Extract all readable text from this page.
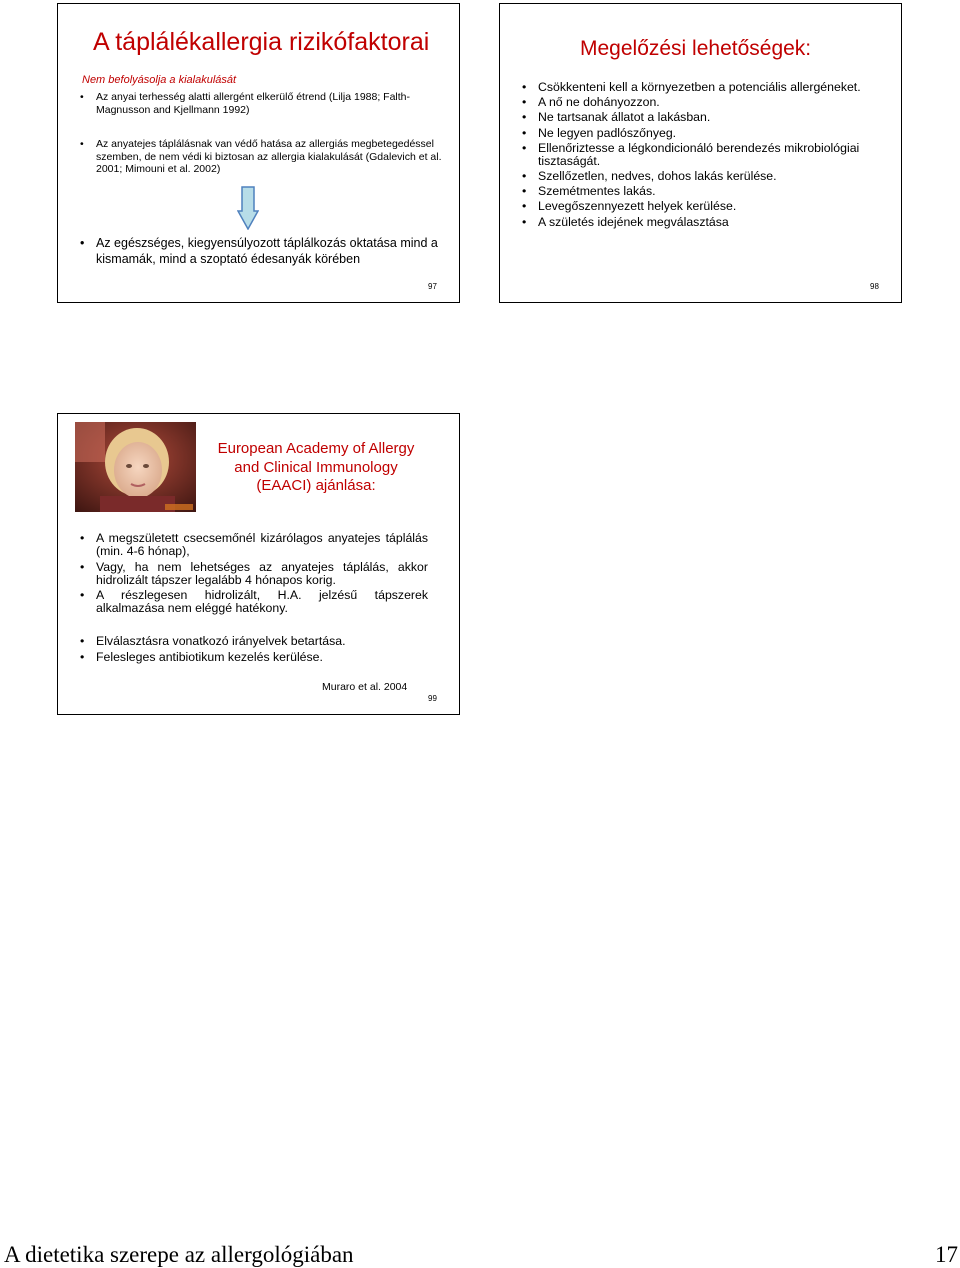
A táplálékallergia rizikófaktorai
Nem befolyásolja a kialakulását
• Az anyai terhesség alatti allergént elkerülő étrend (Lilja 1988; Falth-Magnusson and Kjellmann 1992)
• Az anyatejes táplálásnak van védő hatása az allergiás megbetegedéssel szemben, de nem védi ki biztosan az allergia kialakulását (Gdalevich et al. 2001; Mimouni et al. 2002)
• Az egészséges, kiegyensúlyozott táplálkozás oktatása mind a kismamák, mind a szoptató édesanyák körében
97
Megelőzési lehetőségek:
• Csökkenteni kell a környezetben a potenciális allergéneket.
• A nő ne dohányozzon.
• Ne tartsanak állatot a lakásban.
• Ne legyen padlószőnyeg.
• Ellenőriztesse a légkondicionáló berendezés mikrobiológiai tisztaságát.
• Szellőzetlen, nedves, dohos lakás kerülése.
• Szemétmentes lakás.
• Levegőszennyezett helyek kerülése.
• A születés idejének megválasztása
98
European Academy of Allergy and Clinical Immunology (EAACI) ajánlása:
• A megszületett csecsemőnél kizárólagos anyatejes táplálás (min. 4-6 hónap),
• Vagy, ha nem lehetséges az anyatejes táplálás, akkor hidrolizált tápszer legalább 4 hónapos korig.
• A részlegesen hidrolizált, H.A. jelzésű tápszerek alkalmazása nem eléggé hatékony.
• Elválasztásra vonatkozó irányelvek betartása.
• Felesleges antibiotikum kezelés kerülése.
Muraro et al. 2004
99
A dietetika szerepe az allergológiában	17
